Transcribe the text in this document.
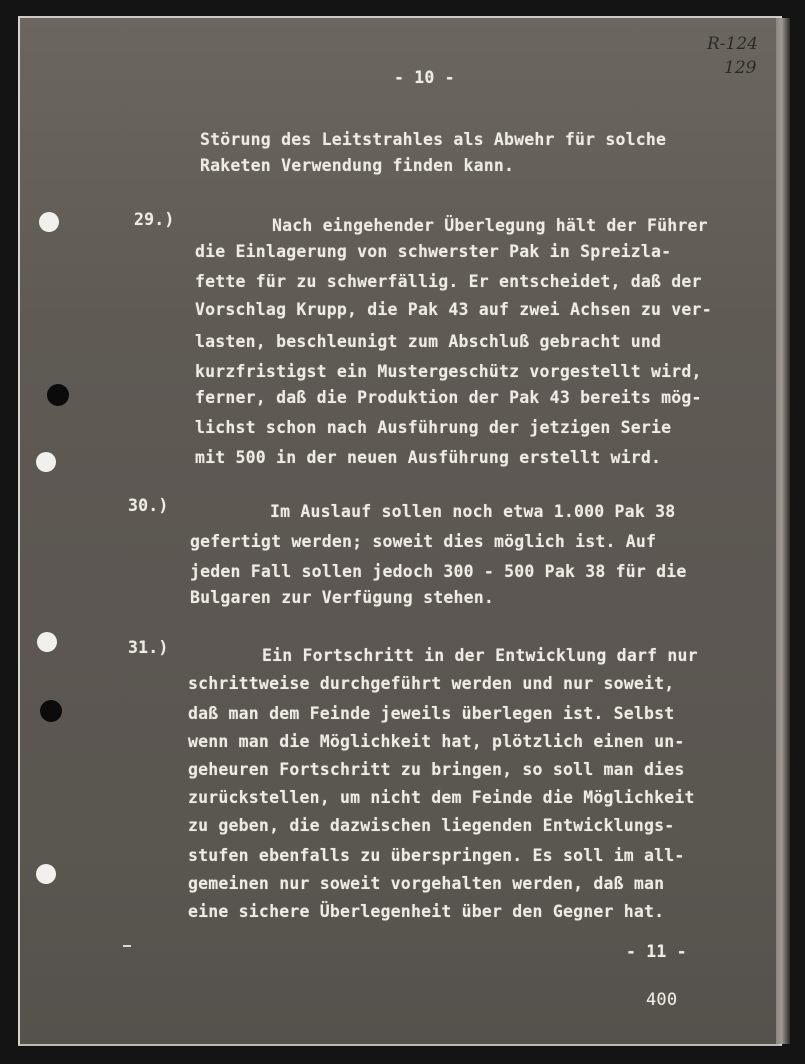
R-124
129
- 10 -
Störung des Leitstrahles als Abwehr für solche
Raketen Verwendung finden kann.
29.)	Nach eingehender Überlegung hält der Führer
die Einlagerung von schwerster Pak in Spreizla-
fette für zu schwerfällig. Er entscheidet, daß der
Vorschlag Krupp, die Pak 43 auf zwei Achsen zu ver-
lasten, beschleunigt zum Abschluß gebracht und
kurzfristigst ein Mustergeschütz vorgestellt wird,
ferner, daß die Produktion der Pak 43 bereits mög-
lichst schon nach Ausführung der jetzigen Serie
mit 500 in der neuen Ausführung erstellt wird.
30.)	Im Auslauf sollen noch etwa 1.000 Pak 38
gefertigt werden; soweit dies möglich ist. Auf
jeden Fall sollen jedoch 300 - 500 Pak 38 für die
Bulgaren zur Verfügung stehen.
31.)	Ein Fortschritt in der Entwicklung darf nur
schrittweise durchgeführt werden und nur soweit,
daß man dem Feinde jeweils überlegen ist. Selbst
wenn man die Möglichkeit hat, plötzlich einen un-
geheuren Fortschritt zu bringen, so soll man dies
zurückstellen, um nicht dem Feinde die Möglichkeit
zu geben, die dazwischen liegenden Entwicklungs-
stufen ebenfalls zu überspringen. Es soll im all-
gemeinen nur soweit vorgehalten werden, daß man
eine sichere Überlegenheit über den Gegner hat.
- 11 -
400
